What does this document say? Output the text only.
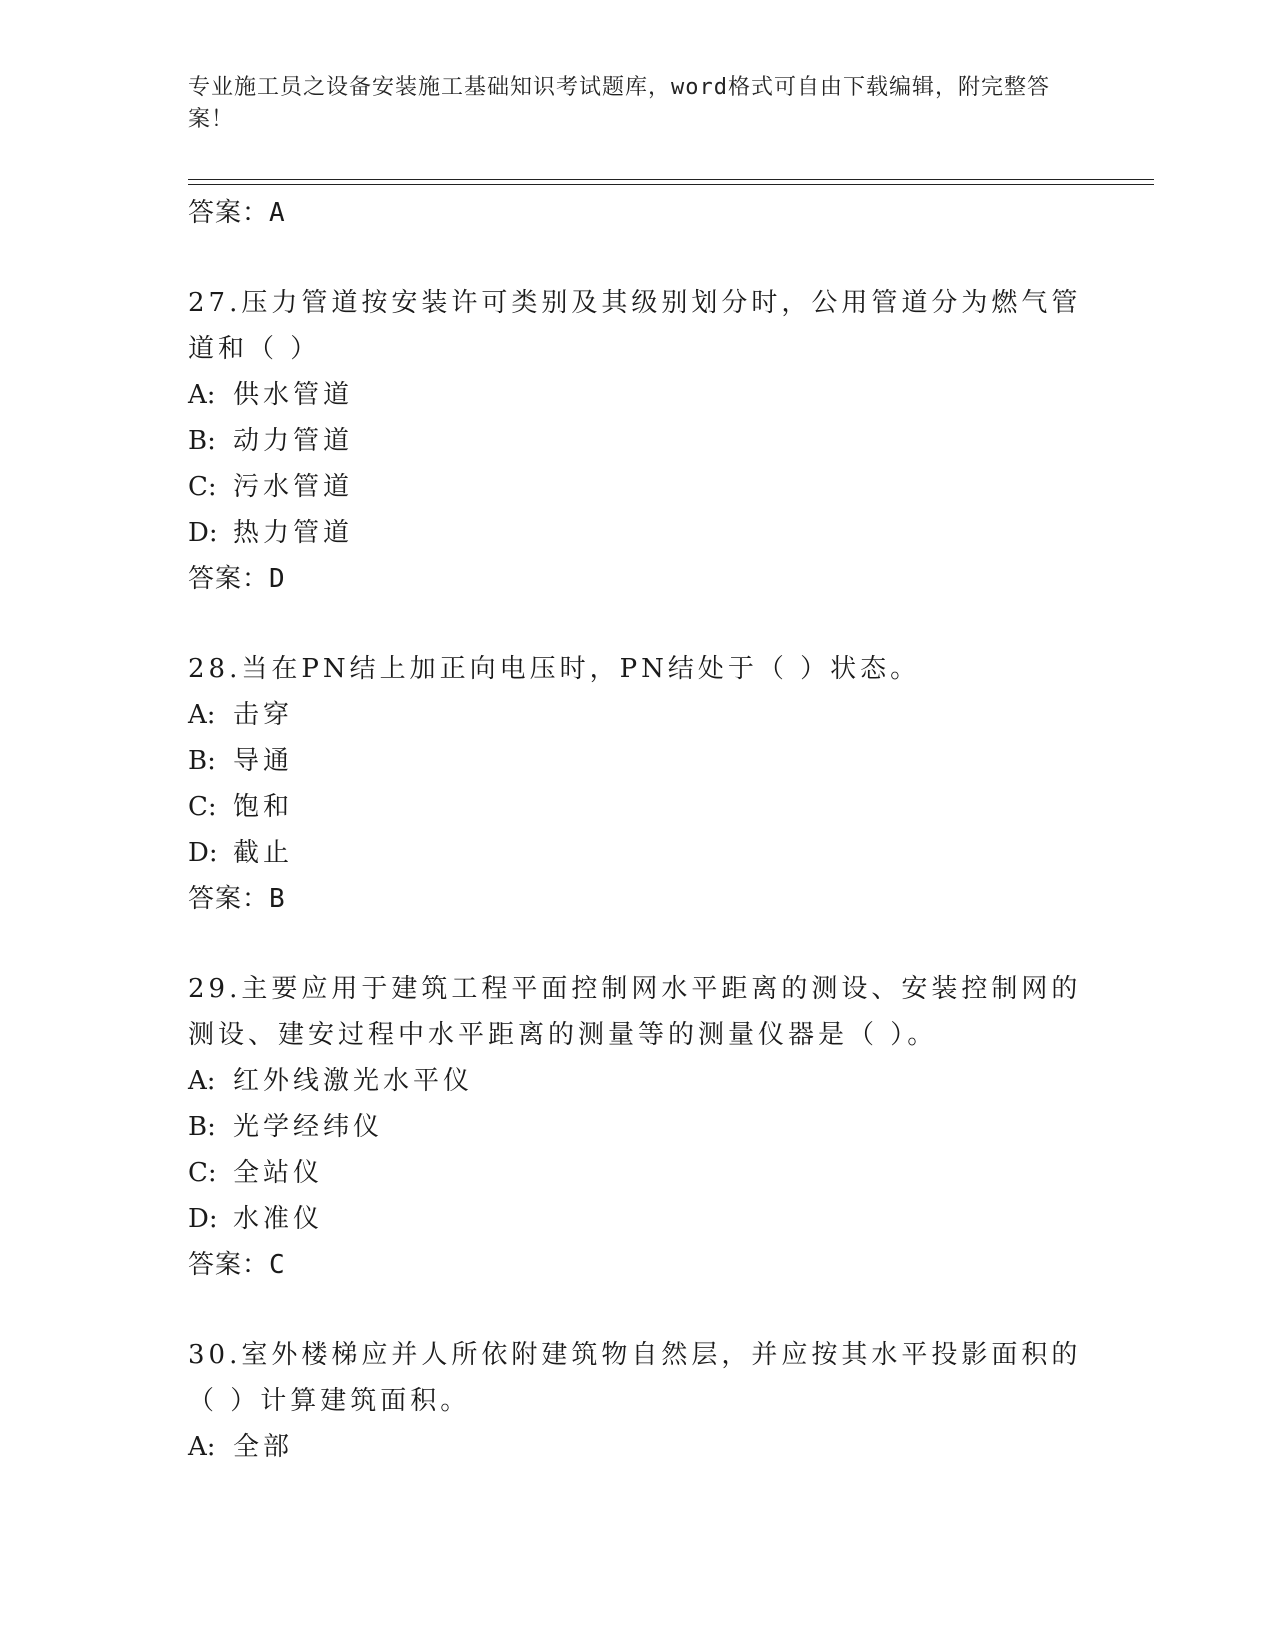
专业施工员之设备安装施工基础知识考试题库，word格式可自由下载编辑，附完整答案！
答案：A
27.压力管道按安装许可类别及其级别划分时，公用管道分为燃气管道和（ ）
A: 供水管道
B: 动力管道
C: 污水管道
D: 热力管道
答案：D
28.当在PN结上加正向电压时，PN结处于（ ）状态。
A: 击穿
B: 导通
C: 饱和
D: 截止
答案：B
29.主要应用于建筑工程平面控制网水平距离的测设、安装控制网的测设、建安过程中水平距离的测量等的测量仪器是（ ）。
A: 红外线激光水平仪
B: 光学经纬仪
C: 全站仪
D: 水准仪
答案：C
30.室外楼梯应并人所依附建筑物自然层，并应按其水平投影面积的（ ）计算建筑面积。
A: 全部
